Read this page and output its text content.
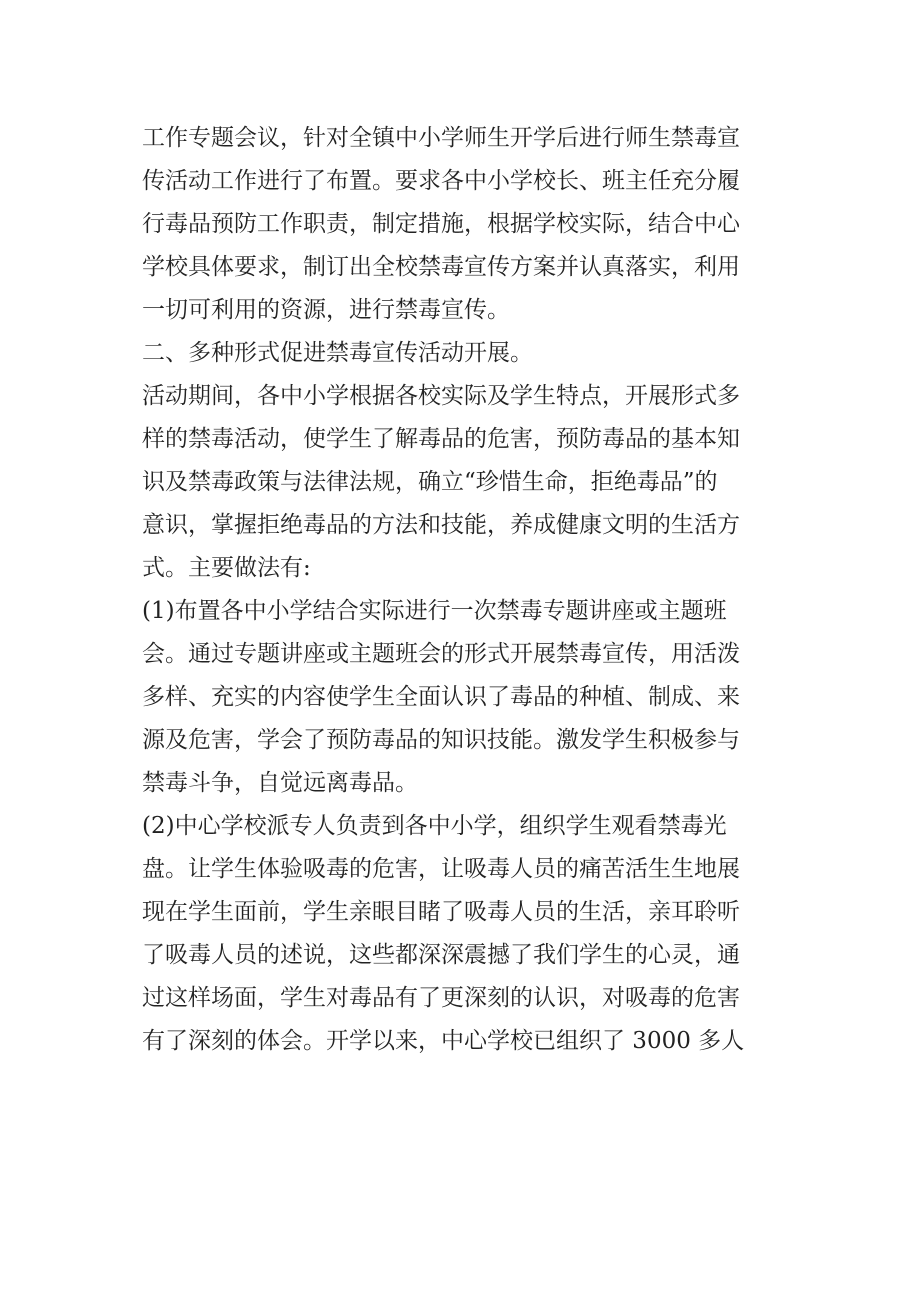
工作专题会议，针对全镇中小学师生开学后进行师生禁毒宣
传活动工作进行了布置。要求各中小学校长、班主任充分履
行毒品预防工作职责，制定措施，根据学校实际，结合中心
学校具体要求，制订出全校禁毒宣传方案并认真落实，利用
一切可利用的资源，进行禁毒宣传。
二、多种形式促进禁毒宣传活动开展。
活动期间，各中小学根据各校实际及学生特点，开展形式多
样的禁毒活动，使学生了解毒品的危害，预防毒品的基本知
识及禁毒政策与法律法规，确立“珍惜生命，拒绝毒品”的
意识，掌握拒绝毒品的方法和技能，养成健康文明的生活方
式。主要做法有:
(1)布置各中小学结合实际进行一次禁毒专题讲座或主题班
会。通过专题讲座或主题班会的形式开展禁毒宣传，用活泼
多样、充实的内容使学生全面认识了毒品的种植、制成、来
源及危害，学会了预防毒品的知识技能。激发学生积极参与
禁毒斗争，自觉远离毒品。
(2)中心学校派专人负责到各中小学，组织学生观看禁毒光
盘。让学生体验吸毒的危害，让吸毒人员的痛苦活生生地展
现在学生面前，学生亲眼目睹了吸毒人员的生活，亲耳聆听
了吸毒人员的述说，这些都深深震撼了我们学生的心灵，通
过这样场面，学生对毒品有了更深刻的认识，对吸毒的危害
有了深刻的体会。开学以来，中心学校已组织了 3000 多人
